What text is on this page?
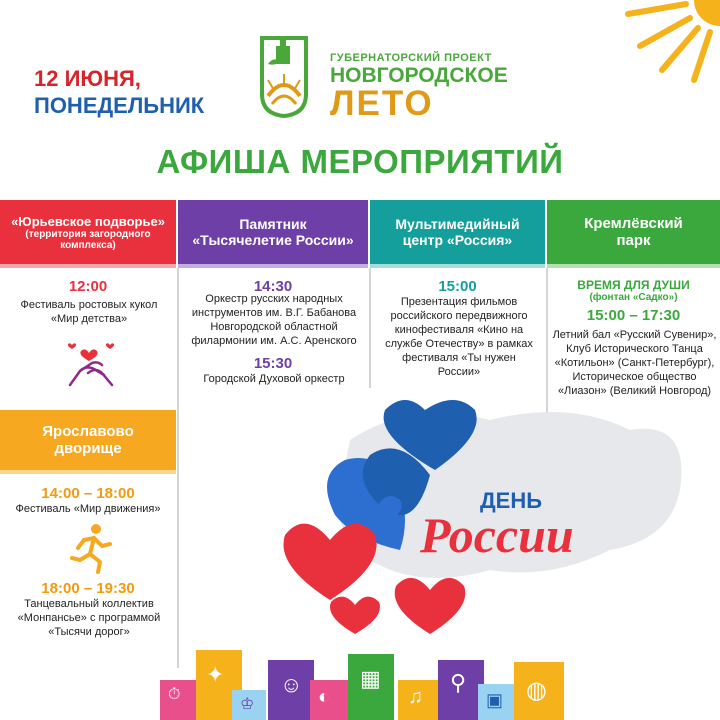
12 ИЮНЯ,
ПОНЕДЕЛЬНИК
ГУБЕРНАТОРСКИЙ ПРОЕКТ
НОВГОРОДСКОЕ
ЛЕТО
АФИША МЕРОПРИЯТИЙ
«Юрьевское подворье»
(территория загородного комплекса)
Памятник «Тысячелетие России»
Мультимедийный центр «Россия»
Кремлёвский парк
12:00
Фестиваль ростовых кукол «Мир детства»
14:30
Оркестр русских народных инструментов им. В.Г. Бабанова Новгородской областной филармонии им. А.С. Аренского
15:30
Городской Духовой оркестр
15:00
Презентация фильмов российского передвижного кинофестиваля «Кино на службе Отечеству» в рамках фестиваля «Ты нужен России»
ВРЕМЯ ДЛЯ ДУШИ
(фонтан «Садко»)
15:00 – 17:30
Летний бал «Русский Сувенир», Клуб Исторического Танца «Котильон» (Санкт-Петербург), Историческое общество «Лиазон» (Великий Новгород)
Ярославово дворище
14:00 – 18:00
Фестиваль «Мир движения»
18:00 – 19:30
Танцевальный коллектив «Монпансье» с программой «Тысячи дорог»
ДЕНЬ
России
⏱
✦
♔
☺ ◐
▦
♫
⚲
▣ ◍
